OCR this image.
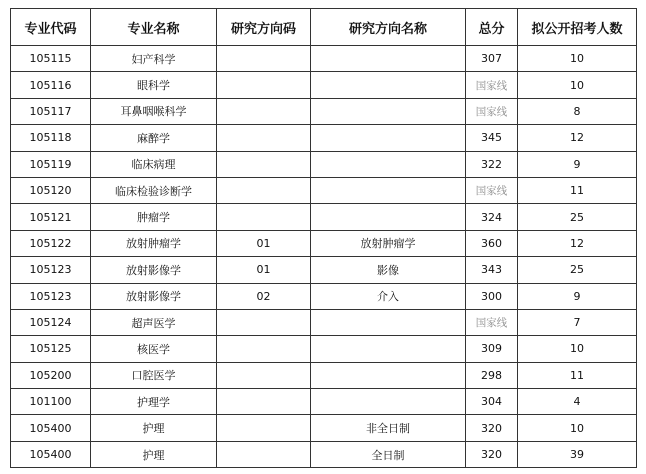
专业代码	专业名称	研究方向码	研究方向名称	总分	拟公开招考人数
105115	妇产科学			307	10
105116	眼科学			国家线	10
105117	耳鼻咽喉科学			国家线	8
105118	麻醉学			345	12
105119	临床病理			322	9
105120	临床检验诊断学			国家线	11
105121	肿瘤学			324	25
105122	放射肿瘤学	01	放射肿瘤学	360	12
105123	放射影像学	01	影像	343	25
105123	放射影像学	02	介入	300	9
105124	超声医学			国家线	7
105125	核医学			309	10
105200	口腔医学			298	11
101100	护理学			304	4
105400	护理		非全日制	320	10
105400	护理		全日制	320	39
